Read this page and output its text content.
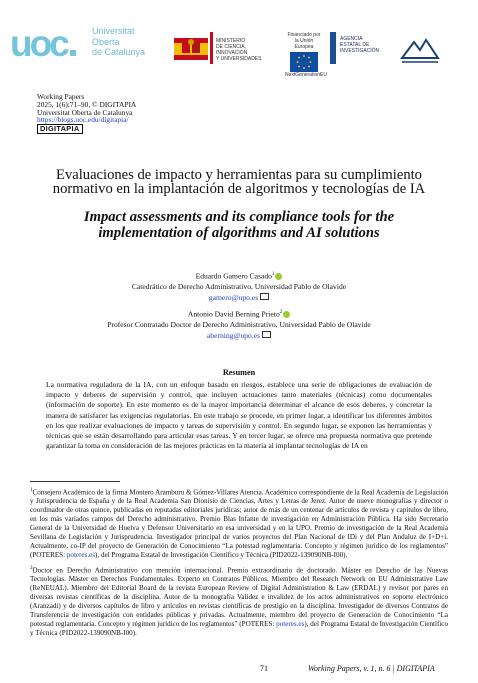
uoc	Universitat
Oberta
de Catalunya
MINISTERIO
DE CIENCIA, INNOVACIÓN
Y UNIVERSIDADES
Financiado por
la Unión Europea
NextGenerationEU
AGENCIA
ESTATAL DE
INVESTIGACIÓN
Working Papers
2025, 1(6):71–90, © DIGITAPIA
Universitat Oberta de Catalunya
https://blogs.uoc.edu/digitapia/
DIGITAPIA
Evaluaciones de impacto y herramientas para su cumplimiento normativo en la implantación de algoritmos y tecnologías de IA
Impact assessments and its compliance tools for the implementation of algorithms and AI solutions
Eduardo Gamero Casado$^1$
Catedrático de Derecho Administrativo, Universidad Pablo de Olavide
gamero@upo.es
Antonio David Berning Prieto$^2$
Profesor Contratado Doctor de Derecho Administrativo, Universidad Pablo de Olavide
aberning@upo.es
Resumen
La normativa reguladora de la IA, con un enfoque basado en riesgos, establece una serie de obligaciones de evaluación de impacto y deberes de supervisión y control, que incluyen actuaciones tanto materiales (técnicas) como documentales (información de soporte). En este momento es de la mayor importancia determinar el alcance de esos deberes, y concretar la manera de satisfacer las exigencias regulatorias. En este trabajo se procede, en primer lugar, a identificar los diferentes ámbitos en los que realizar evaluaciones de impacto y tareas de supervisión y control. En segundo lugar, se exponen las herramientas y técnicas que se están desarrollando para articular esas tareas. Y en tercer lugar, se ofrece una propuesta normativa que pretende garantizar la toma en consideración de las mejores prácticas en la materia al implantar tecnologías de IA en
$^1$Consejero Académico de la firma Montero Aramburu & Gómez-Villares Atencia. Académico correspondiente de la Real Academia de Legislación y Jurisprudencia de España y de la Real Academia San Dionisio de Ciencias, Artes y Letras de Jerez. Autor de nueve monografías y director o coordinador de otras quince, publicadas en reputadas editoriales jurídicas; autor de más de un centenar de artículos de revista y capítulos de libro, en los más variados campos del Derecho administrativo. Premio Blas Infante de investigación en Administración Pública. Ha sido Secretario General de la Universidad de Huelva y Defensor Universitario en esa universidad y en la UPO. Premio de investigación de la Real Academia Sevillana de Legislación y Jurisprudencia. Investigador principal de varios proyectos del Plan Nacional de IDi y del Plan Andaluz de I+D+i. Actualmente, co-IP del proyecto de Generación de Conocimiento “La potestad reglamentaria. Concepto y régimen jurídico de los reglamentos” (POTERES: poteres.es), del Programa Estatal de Investigación Científico y Técnica (PID2022-139090NB-I00).
$^2$Doctor en Derecho Administrativo con mención internacional. Premio extraordinario de doctorado. Máster en Derecho de las Nuevas Tecnologías. Máster en Derechos Fundamentales. Experto en Contratos Públicos. Miembro del Research Network on EU Administrative Law (ReNEUAL). Miembro del Editorial Board de la revista European Review of Digital Administration & Law (ERDAL) y revisor por pares en diversas revistas científicas de la disciplina. Autor de la monografía Validez e invalidez de los actos administrativos en soporte electrónico (Aranzadi) y de diversos capítulos de libro y artículos en revistas científicas de prestigio en la disciplina. Investigador de diversos Contratos de Transferencia de investigación con entidades públicas y privadas. Actualmente, miembro del proyecto de Generación de Conocimiento “La potestad reglamentaria. Concepto y régimen jurídico de los reglamentos” (POTERES: poteres.es), del Programa Estatal de Investigación Científico y Técnica (PID2022-139090NB-I00).
71	Working Papers, v. 1, n. 6 | DIGITAPIA
